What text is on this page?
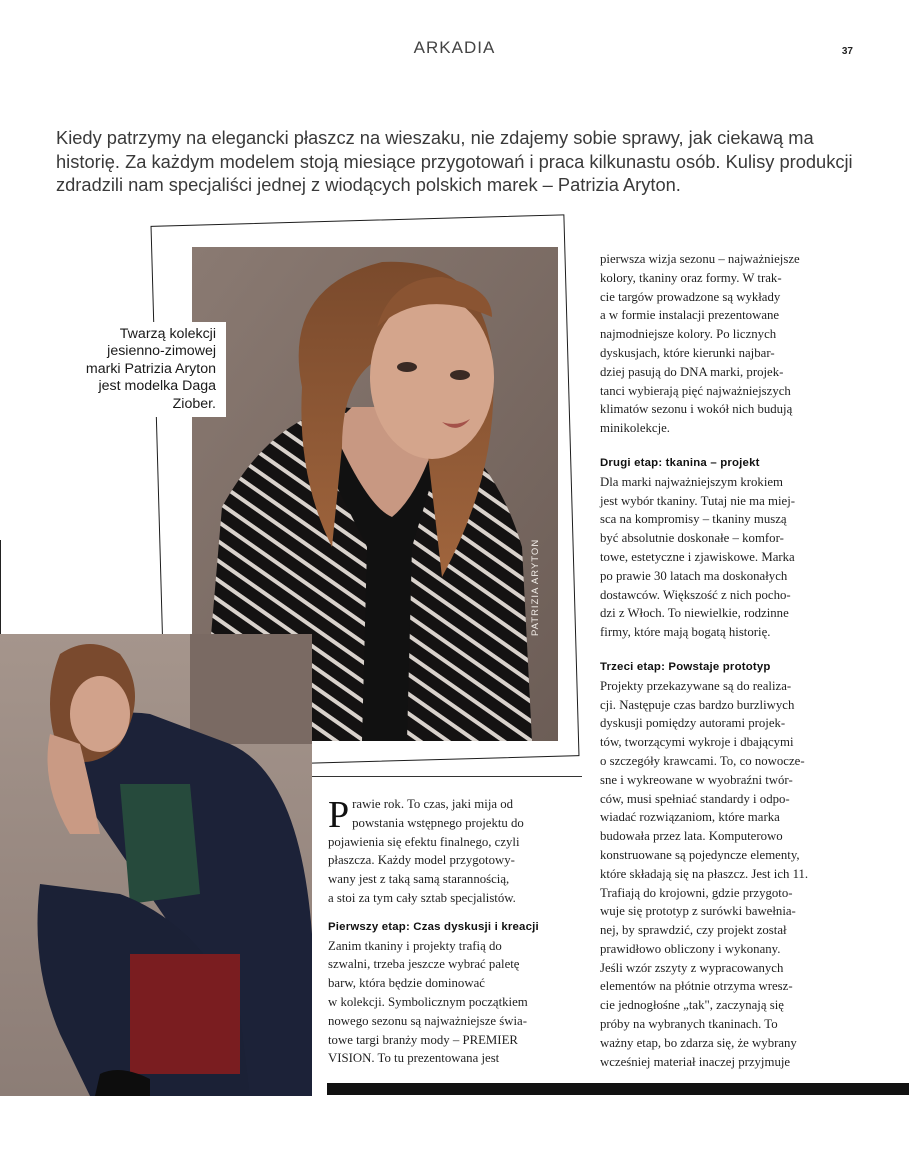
ARKADIA	37
Kiedy patrzymy na elegancki płaszcz na wieszaku, nie zdajemy sobie sprawy, jak ciekawą ma historię. Za każdym modelem stoją miesiące przygotowań i praca kilkunastu osób. Kulisy produkcji zdradzili nam specjaliści jednej z wiodących polskich marek – Patrizia Aryton.
PATRIZIA ARYTON
Twarzą kolekcji jesienno-zimowej marki Patrizia Aryton jest modelka Daga Ziober.
P rawie rok. To czas, jaki mija od
powstania wstępnego projektu do
pojawienia się efektu finalnego, czyli
płaszcza. Każdy model przygotowy-
wany jest z taką samą starannością,
a stoi za tym cały sztab specjalistów.
Pierwszy etap: Czas dyskusji i kreacji
Zanim tkaniny i projekty trafią do
szwalni, trzeba jeszcze wybrać paletę
barw, która będzie dominować
w kolekcji. Symbolicznym początkiem
nowego sezonu są najważniejsze świa-
towe targi branży mody – PREMIER
VISION. To tu prezentowana jest
pierwsza wizja sezonu – najważniejsze
kolory, tkaniny oraz formy. W trak-
cie targów prowadzone są wykłady
a w formie instalacji prezentowane
najmodniejsze kolory. Po licznych
dyskusjach, które kierunki najbar-
dziej pasują do DNA marki, projek-
tanci wybierają pięć najważniejszych
klimatów sezonu i wokół nich budują
minikolekcje.
Drugi etap: tkanina – projekt
Dla marki najważniejszym krokiem
jest wybór tkaniny. Tutaj nie ma miej-
sca na kompromisy – tkaniny muszą
być absolutnie doskonałe – komfor-
towe, estetyczne i zjawiskowe. Marka
po prawie 30 latach ma doskonałych
dostawców. Większość z nich pocho-
dzi z Włoch. To niewielkie, rodzinne
firmy, które mają bogatą historię.
Trzeci etap: Powstaje prototyp
Projekty przekazywane są do realiza-
cji. Następuje czas bardzo burzliwych
dyskusji pomiędzy autorami projek-
tów, tworzącymi wykroje i dbającymi
o szczegóły krawcami. To, co nowocze-
sne i wykreowane w wyobraźni twór-
ców, musi spełniać standardy i odpo-
wiadać rozwiązaniom, które marka
budowała przez lata. Komputerowo
konstruowane są pojedyncze elementy,
które składają się na płaszcz. Jest ich 11.
Trafiają do krojowni, gdzie przygoto-
wuje się prototyp z surówki bawełnia-
nej, by sprawdzić, czy projekt został
prawidłowo obliczony i wykonany.
Jeśli wzór zszyty z wypracowanych
elementów na płótnie otrzyma wresz-
cie jednogłośne „tak", zaczynają się
próby na wybranych tkaninach. To
ważny etap, bo zdarza się, że wybrany
wcześniej materiał inaczej przyjmuje
